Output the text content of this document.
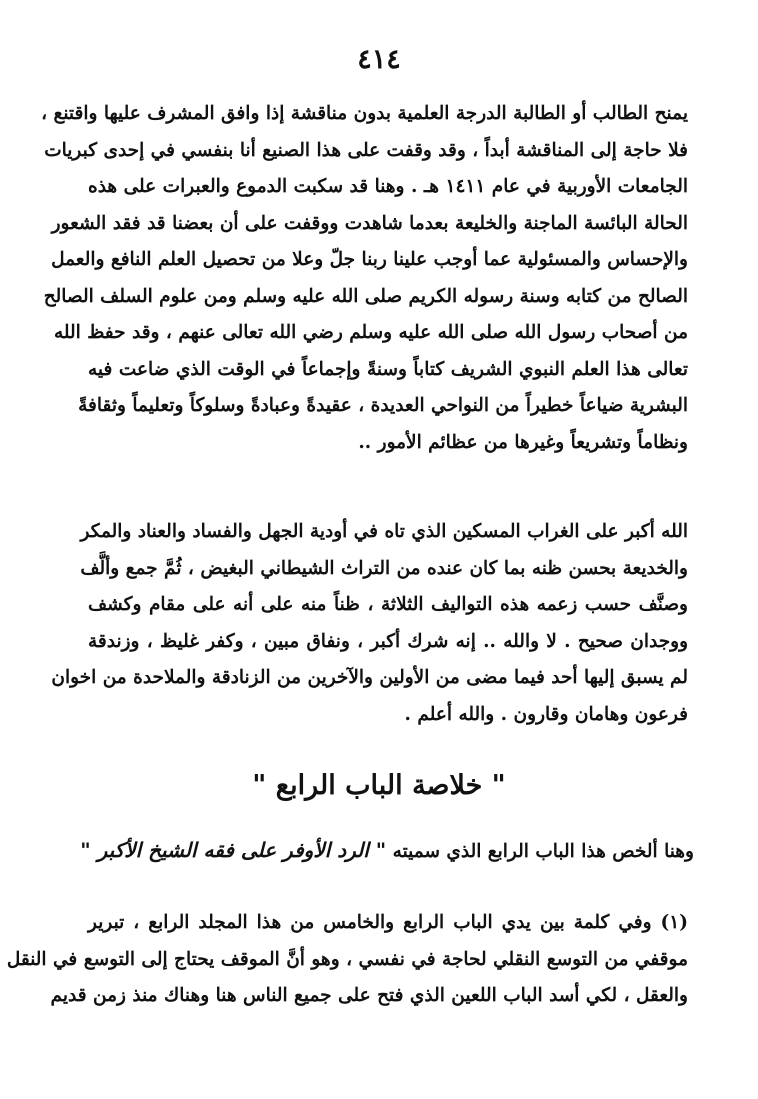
٤١٤
يمنح الطالب أو الطالبة الدرجة العلمية بدون مناقشة إذا وافق المشرف عليها واقتنع ،
فلا حاجة إلى المناقشة أبداً ، وقد وقفت على هذا الصنيع أنا بنفسي في إحدى كبريات
الجامعات الأوربية في عام ١٤١١ هـ . وهنا قد سكبت الدموع والعبرات على هذه
الحالة البائسة الماجنة والخليعة بعدما شاهدت ووقفت على أن بعضنا قد فقد الشعور
والإحساس والمسئولية عما أوجب علينا ربنا جلّ وعلا من تحصيل العلم النافع والعمل
الصالح من كتابه وسنة رسوله الكريم صلى الله عليه وسلم ومن علوم السلف الصالح
من أصحاب رسول الله صلى الله عليه وسلم رضي الله تعالى عنهم ، وقد حفظ الله
تعالى هذا العلم النبوي الشريف كتاباً وسنةً وإجماعاً في الوقت الذي ضاعت فيه
البشرية ضياعاً خطيراً من النواحي العديدة ، عقيدةً وعبادةً وسلوكاً وتعليماً وثقافةً
ونظاماً وتشريعاً وغيرها من عظائم الأمور ..
الله أكبر على الغراب المسكين الذي تاه في أودية الجهل والفساد والعناد والمكر
والخديعة بحسن ظنه بما كان عنده من التراث الشيطاني البغيض ، ثُمَّ جمع وألَّف
وصنَّف حسب زعمه هذه التواليف الثلاثة ، ظناً منه على أنه على مقام وكشف
ووجدان صحيح . لا والله .. إنه شرك أكبر ، ونفاق مبين ، وكفر غليظ ، وزندقة
لم يسبق إليها أحد فيما مضى من الأولين والآخرين من الزنادقة والملاحدة من اخوان
فرعون وهامان وقارون . والله أعلم .
" خلاصة الباب الرابع "
وهنا ألخص هذا الباب الرابع الذي سميته " الرد الأوفر على فقه الشيخ الأكبر "
(١) وفي كلمة بين يدي الباب الرابع والخامس من هذا المجلد الرابع ، تبرير
موقفي من التوسع النقلي لحاجة في نفسي ، وهو أنَّ الموقف يحتاج إلى التوسع في النقل
والعقل ، لكي أسد الباب اللعين الذي فتح على جميع الناس هنا وهناك منذ زمن قديم
